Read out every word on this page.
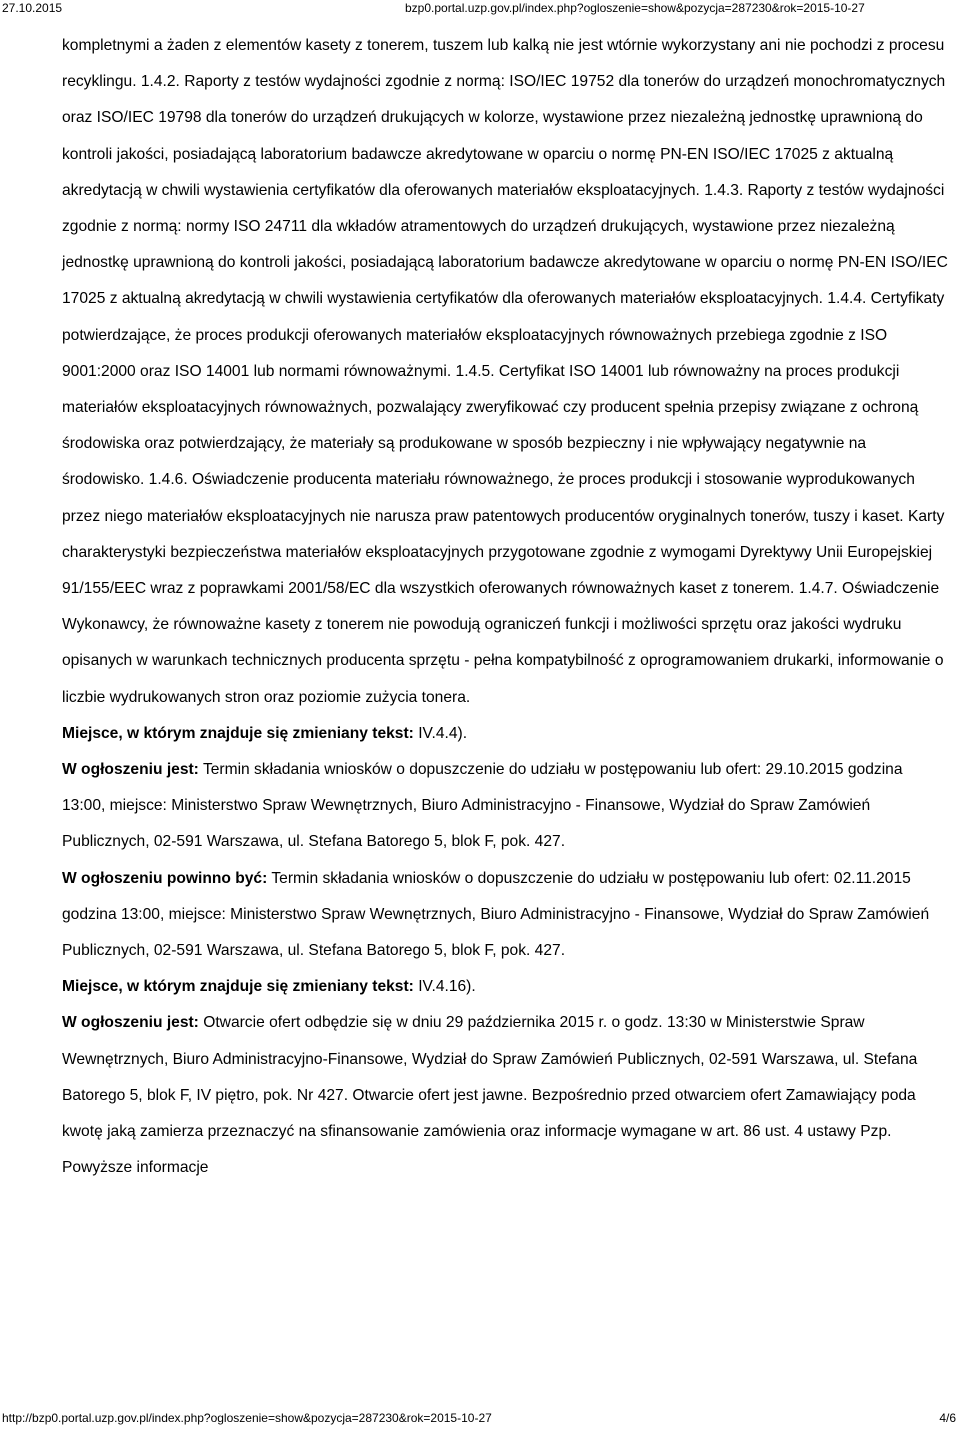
27.10.2015	bzp0.portal.uzp.gov.pl/index.php?ogloszenie=show&pozycja=287230&rok=2015-10-27

kompletnymi a żaden z elementów kasety z tonerem, tuszem lub kalką nie jest wtórnie wykorzystany ani nie pochodzi z procesu recyklingu. 1.4.2. Raporty z testów wydajności zgodnie z normą: ISO/IEC 19752 dla tonerów do urządzeń monochromatycznych oraz ISO/IEC 19798 dla tonerów do urządzeń drukujących w kolorze, wystawione przez niezależną jednostkę uprawnioną do kontroli jakości, posiadającą laboratorium badawcze akredytowane w oparciu o normę PN-EN ISO/IEC 17025 z aktualną akredytacją w chwili wystawienia certyfikatów dla oferowanych materiałów eksploatacyjnych. 1.4.3. Raporty z testów wydajności zgodnie z normą: normy ISO 24711 dla wkładów atramentowych do urządzeń drukujących, wystawione przez niezależną jednostkę uprawnioną do kontroli jakości, posiadającą laboratorium badawcze akredytowane w oparciu o normę PN-EN ISO/IEC 17025 z aktualną akredytacją w chwili wystawienia certyfikatów dla oferowanych materiałów eksploatacyjnych. 1.4.4. Certyfikaty potwierdzające, że proces produkcji oferowanych materiałów eksploatacyjnych równoważnych przebiega zgodnie z ISO 9001:2000 oraz ISO 14001 lub normami równoważnymi. 1.4.5. Certyfikat ISO 14001 lub równoważny na proces produkcji materiałów eksploatacyjnych równoważnych, pozwalający zweryfikować czy producent spełnia przepisy związane z ochroną środowiska oraz potwierdzający, że materiały są produkowane w sposób bezpieczny i nie wpływający negatywnie na środowisko. 1.4.6. Oświadczenie producenta materiału równoważnego, że proces produkcji i stosowanie wyprodukowanych przez niego materiałów eksploatacyjnych nie narusza praw patentowych producentów oryginalnych tonerów, tuszy i kaset. Karty charakterystyki bezpieczeństwa materiałów eksploatacyjnych przygotowane zgodnie z wymogami Dyrektywy Unii Europejskiej 91/155/EEC wraz z poprawkami 2001/58/EC dla wszystkich oferowanych równoważnych kaset z tonerem. 1.4.7. Oświadczenie Wykonawcy, że równoważne kasety z tonerem nie powodują ograniczeń funkcji i możliwości sprzętu oraz jakości wydruku opisanych w warunkach technicznych producenta sprzętu - pełna kompatybilność z oprogramowaniem drukarki, informowanie o liczbie wydrukowanych stron oraz poziomie zużycia tonera.

Miejsce, w którym znajduje się zmieniany tekst: IV.4.4).

W ogłoszeniu jest: Termin składania wniosków o dopuszczenie do udziału w postępowaniu lub ofert: 29.10.2015 godzina 13:00, miejsce: Ministerstwo Spraw Wewnętrznych, Biuro Administracyjno - Finansowe, Wydział do Spraw Zamówień Publicznych, 02-591 Warszawa, ul. Stefana Batorego 5, blok F, pok. 427.

W ogłoszeniu powinno być: Termin składania wniosków o dopuszczenie do udziału w postępowaniu lub ofert: 02.11.2015 godzina 13:00, miejsce: Ministerstwo Spraw Wewnętrznych, Biuro Administracyjno - Finansowe, Wydział do Spraw Zamówień Publicznych, 02-591 Warszawa, ul. Stefana Batorego 5, blok F, pok. 427.

Miejsce, w którym znajduje się zmieniany tekst: IV.4.16).

W ogłoszeniu jest: Otwarcie ofert odbędzie się w dniu 29 października 2015 r. o godz. 13:30 w Ministerstwie Spraw Wewnętrznych, Biuro Administracyjno-Finansowe, Wydział do Spraw Zamówień Publicznych, 02-591 Warszawa, ul. Stefana Batorego 5, blok F, IV piętro, pok. Nr 427. Otwarcie ofert jest jawne. Bezpośrednio przed otwarciem ofert Zamawiający poda kwotę jaką zamierza przeznaczyć na sfinansowanie zamówienia oraz informacje wymagane w art. 86 ust. 4 ustawy Pzp. Powyższe informacje

http://bzp0.portal.uzp.gov.pl/index.php?ogloszenie=show&pozycja=287230&rok=2015-10-27	4/6
